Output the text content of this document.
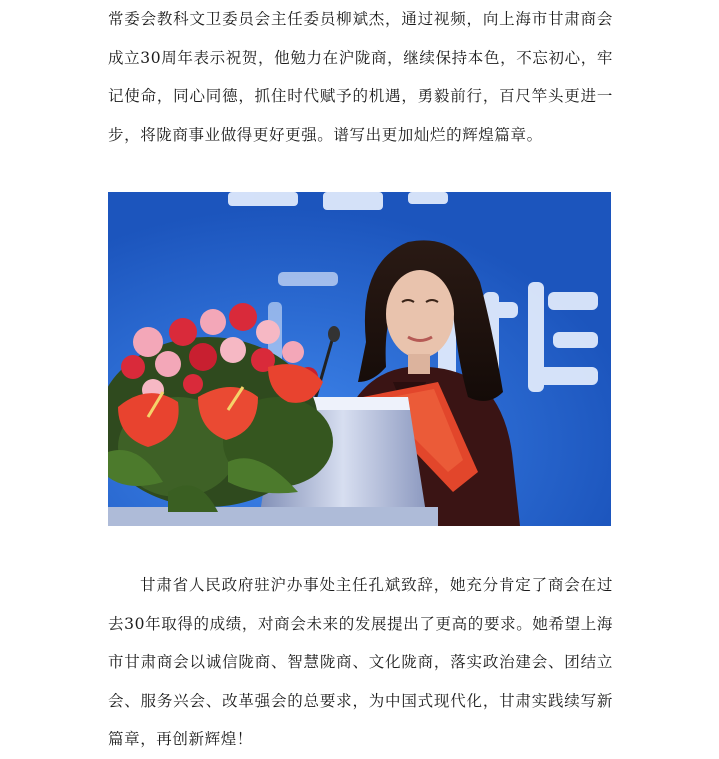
常委会教科文卫委员会主任委员柳斌杰，通过视频，向上海市甘肃商会成立30周年表示祝贺，他勉力在沪陇商，继续保持本色，不忘初心，牢记使命，同心同德，抓住时代赋予的机遇，勇毅前行，百尺竿头更进一步，将陇商事业做得更好更强。谱写出更加灿烂的辉煌篇章。

甘肃省人民政府驻沪办事处主任孔斌致辞，她充分肯定了商会在过去30年取得的成绩，对商会未来的发展提出了更高的要求。她希望上海市甘肃商会以诚信陇商、智慧陇商、文化陇商，落实政治建会、团结立会、服务兴会、改革强会的总要求，为中国式现代化，甘肃实践续写新篇章，再创新辉煌！
